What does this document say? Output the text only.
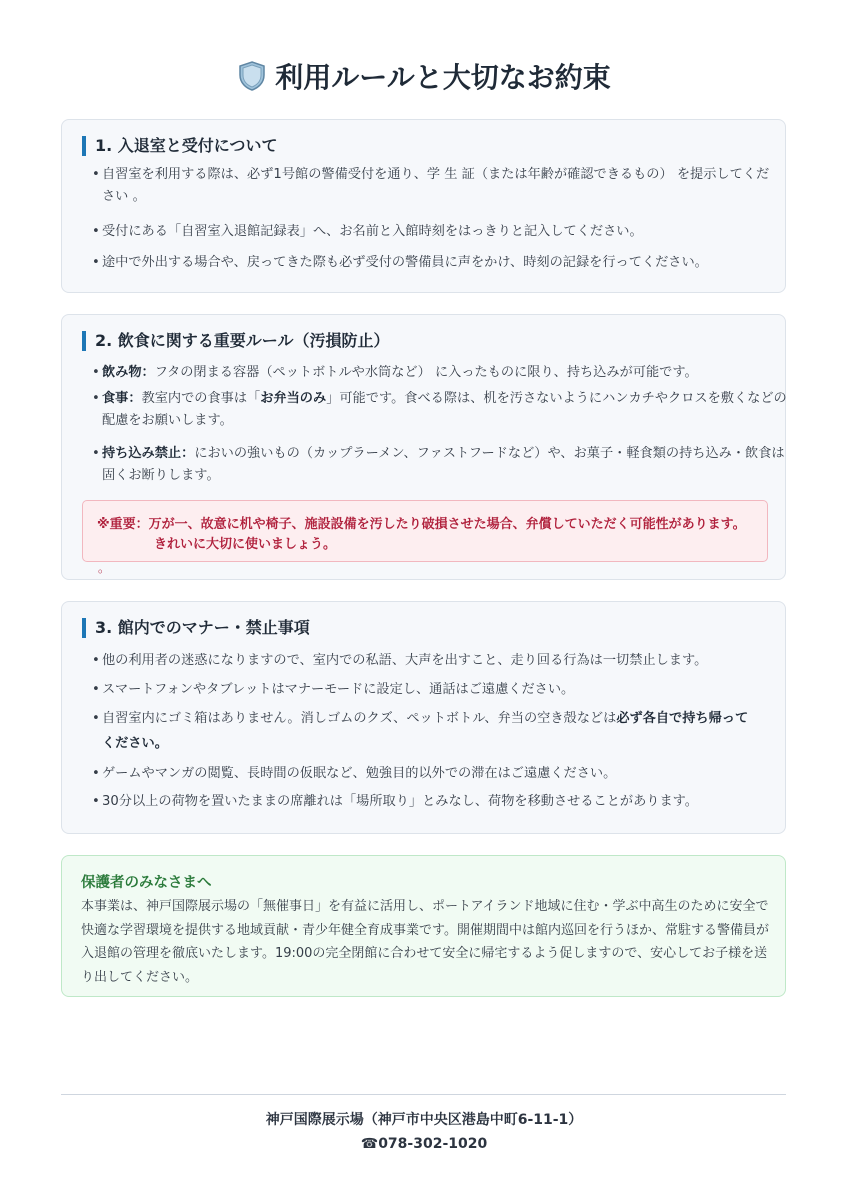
利用ルールと大切なお約束
1. 入退室と受付について
• 自習室を利用する際は、必ず1号館の警備受付を通り、学 生 証（または年齢が確認できるもの） を提示してください 。
• 受付にある「自習室入退館記録表」へ、お名前と入館時刻をはっきりと記入してください。
• 途中で外出する場合や、戻ってきた際も必ず受付の警備員に声をかけ、時刻の記録を行ってください。
2. 飲食に関する重要ルール（汚損防止）
• 飲み物：フタの閉まる容器（ペットボトルや水筒など） に入ったものに限り、持ち込みが可能です。
• 食事：教室内での食事は「お弁当のみ」可能です。食べる際は、机を汚さないようにハンカチやクロスを敷くなどの配慮をお願いします。
• 持ち込み禁止：においの強いもの（カップラーメン、ファストフードなど）や、お菓子・軽食類の持ち込み・飲食は固くお断りします。
※重要：万が一、故意に机や椅子、施設設備を汚したり破損させた場合、弁償していただく可能性があります。
きれいに大切に使いましょう。
。
3. 館内でのマナー・禁止事項
• 他の利用者の迷惑になりますので、室内での私語、大声を出すこと、走り回る行為は一切禁止します。
• スマートフォンやタブレットはマナーモードに設定し、通話はご遠慮ください。
• 自習室内にゴミ箱はありません。消しゴムのクズ、ペットボトル、弁当の空き殻などは必ず各自で持ち帰ってください。
• ゲームやマンガの閲覧、長時間の仮眠など、勉強目的以外での滞在はご遠慮ください。
• 30分以上の荷物を置いたままの席離れは「場所取り」とみなし、荷物を移動させることがあります。
保護者のみなさまへ
本事業は、神戸国際展示場の「無催事日」を有益に活用し、ポートアイランド地域に住む・学ぶ中高生のために安全で快適な学習環境を提供する地域貢献・青少年健全育成事業です。開催期間中は館内巡回を行うほか、常駐する警備員が入退館の管理を徹底いたします。19:00の完全閉館に合わせて安全に帰宅するよう促しますので、安心してお子様を送り出してください。
神戸国際展示場（神戸市中央区港島中町6-11-1）
☎078-302-1020
